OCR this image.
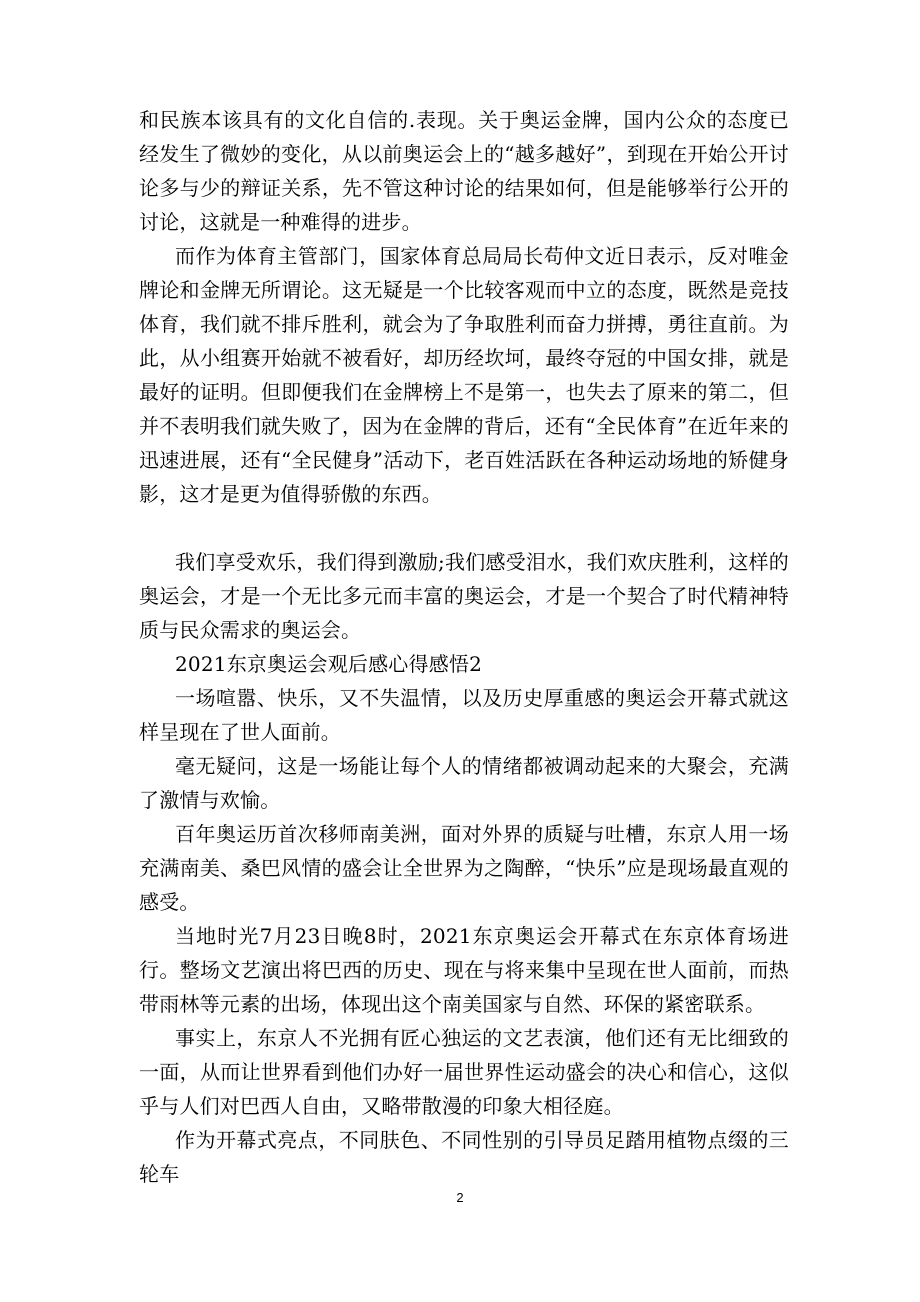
和民族本该具有的文化自信的.表现。关于奥运金牌，国内公众的态度已经发生了微妙的变化，从以前奥运会上的“越多越好”，到现在开始公开讨论多与少的辩证关系，先不管这种讨论的结果如何，但是能够举行公开的讨论，这就是一种难得的进步。

而作为体育主管部门，国家体育总局局长苟仲文近日表示，反对唯金牌论和金牌无所谓论。这无疑是一个比较客观而中立的态度，既然是竞技体育，我们就不排斥胜利，就会为了争取胜利而奋力拼搏，勇往直前。为此，从小组赛开始就不被看好，却历经坎坷，最终夺冠的中国女排，就是最好的证明。但即便我们在金牌榜上不是第一，也失去了原来的第二，但并不表明我们就失败了，因为在金牌的背后，还有“全民体育”在近年来的迅速进展，还有“全民健身”活动下，老百姓活跃在各种运动场地的矫健身影，这才是更为值得骄傲的东西。

我们享受欢乐，我们得到激励;我们感受泪水，我们欢庆胜利，这样的奥运会，才是一个无比多元而丰富的奥运会，才是一个契合了时代精神特质与民众需求的奥运会。

2021东京奥运会观后感心得感悟2

一场喧嚣、快乐，又不失温情，以及历史厚重感的奥运会开幕式就这样呈现在了世人面前。

毫无疑问，这是一场能让每个人的情绪都被调动起来的大聚会，充满了激情与欢愉。

百年奥运历首次移师南美洲，面对外界的质疑与吐槽，东京人用一场充满南美、桑巴风情的盛会让全世界为之陶醉，“快乐”应是现场最直观的感受。

当地时光7月23日晚8时，2021东京奥运会开幕式在东京体育场进行。整场文艺演出将巴西的历史、现在与将来集中呈现在世人面前，而热带雨林等元素的出场，体现出这个南美国家与自然、环保的紧密联系。

事实上，东京人不光拥有匠心独运的文艺表演，他们还有无比细致的一面，从而让世界看到他们办好一届世界性运动盛会的决心和信心，这似乎与人们对巴西人自由，又略带散漫的印象大相径庭。

作为开幕式亮点，不同肤色、不同性别的引导员足踏用植物点缀的三轮车

2
